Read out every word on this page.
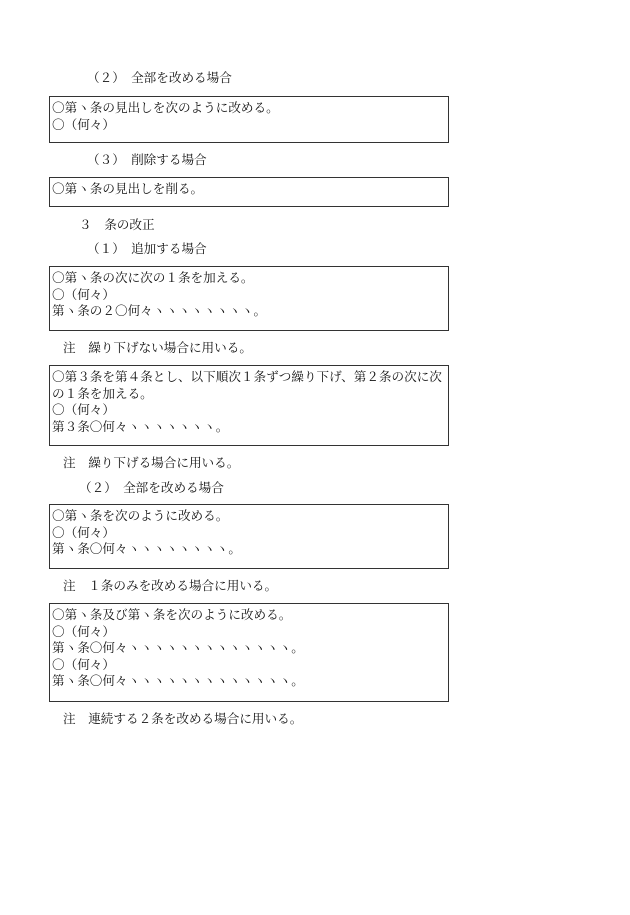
（２）　全部を改める場合
〇第ヽ条の見出しを次のように改める。
〇（何々）
（３）　削除する場合
〇第ヽ条の見出しを削る。
３　条の改正
（１）　追加する場合
〇第ヽ条の次に次の１条を加える。
〇（何々）
第ヽ条の２〇何々ヽヽヽヽヽヽヽヽ。
注　繰り下げない場合に用いる。
〇第３条を第４条とし、以下順次１条ずつ繰り下げ、第２条の次に次
の１条を加える。
〇（何々）
第３条〇何々ヽヽヽヽヽヽヽ。
注　繰り下げる場合に用いる。
（２）　全部を改める場合
〇第ヽ条を次のように改める。
〇（何々）
第ヽ条〇何々ヽヽヽヽヽヽヽヽ。
注　１条のみを改める場合に用いる。
〇第ヽ条及び第ヽ条を次のように改める。
〇（何々）
第ヽ条〇何々ヽヽヽヽヽヽヽヽヽヽヽヽヽ。
〇（何々）
第ヽ条〇何々ヽヽヽヽヽヽヽヽヽヽヽヽヽ。
注　連続する２条を改める場合に用いる。
